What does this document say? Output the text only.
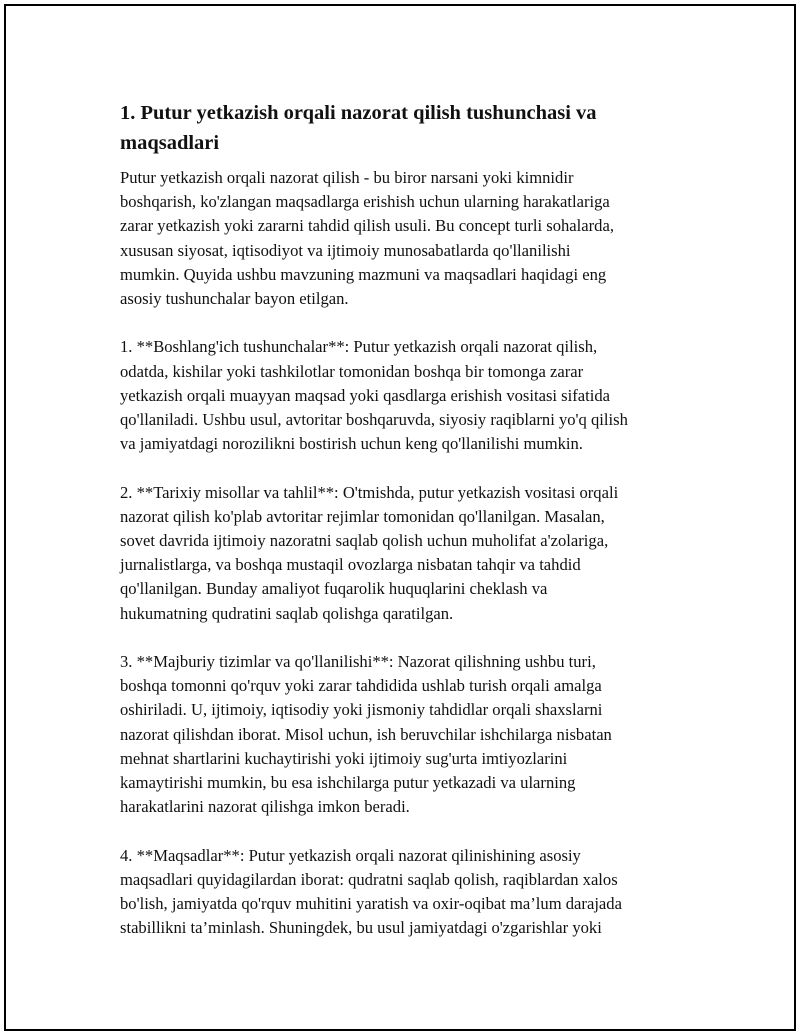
1. Putur yetkazish orqali nazorat qilish tushunchasi va
maqsadlari

Putur yetkazish orqali nazorat qilish - bu biror narsani yoki kimnidir
boshqarish, ko'zlangan maqsadlarga erishish uchun ularning harakatlariga
zarar yetkazish yoki zararni tahdid qilish usuli. Bu concept turli sohalarda,
xususan siyosat, iqtisodiyot va ijtimoiy munosabatlarda qo'llanilishi
mumkin. Quyida ushbu mavzuning mazmuni va maqsadlari haqidagi eng
asosiy tushunchalar bayon etilgan.

1. **Boshlang'ich tushunchalar**: Putur yetkazish orqali nazorat qilish,
odatda, kishilar yoki tashkilotlar tomonidan boshqa bir tomonga zarar
yetkazish orqali muayyan maqsad yoki qasdlarga erishish vositasi sifatida
qo'llaniladi. Ushbu usul, avtoritar boshqaruvda, siyosiy raqiblarni yo'q qilish
va jamiyatdagi norozilikni bostirish uchun keng qo'llanilishi mumkin.

2. **Tarixiy misollar va tahlil**: O'tmishda, putur yetkazish vositasi orqali
nazorat qilish ko'plab avtoritar rejimlar tomonidan qo'llanilgan. Masalan,
sovet davrida ijtimoiy nazoratni saqlab qolish uchun muholifat a'zolariga,
jurnalistlarga, va boshqa mustaqil ovozlarga nisbatan tahqir va tahdid
qo'llanilgan. Bunday amaliyot fuqarolik huquqlarini cheklash va
hukumatning qudratini saqlab qolishga qaratilgan.

3. **Majburiy tizimlar va qo'llanilishi**: Nazorat qilishning ushbu turi,
boshqa tomonni qo'rquv yoki zarar tahdidida ushlab turish orqali amalga
oshiriladi. U, ijtimoiy, iqtisodiy yoki jismoniy tahdidlar orqali shaxslarni
nazorat qilishdan iborat. Misol uchun, ish beruvchilar ishchilarga nisbatan
mehnat shartlarini kuchaytirishi yoki ijtimoiy sug'urta imtiyozlarini
kamaytirishi mumkin, bu esa ishchilarga putur yetkazadi va ularning
harakatlarini nazorat qilishga imkon beradi.

4. **Maqsadlar**: Putur yetkazish orqali nazorat qilinishining asosiy
maqsadlari quyidagilardan iborat: qudratni saqlab qolish, raqiblardan xalos
bo'lish, jamiyatda qo'rquv muhitini yaratish va oxir-oqibat ma’lum darajada
stabillikni ta’minlash. Shuningdek, bu usul jamiyatdagi o'zgarishlar yoki
